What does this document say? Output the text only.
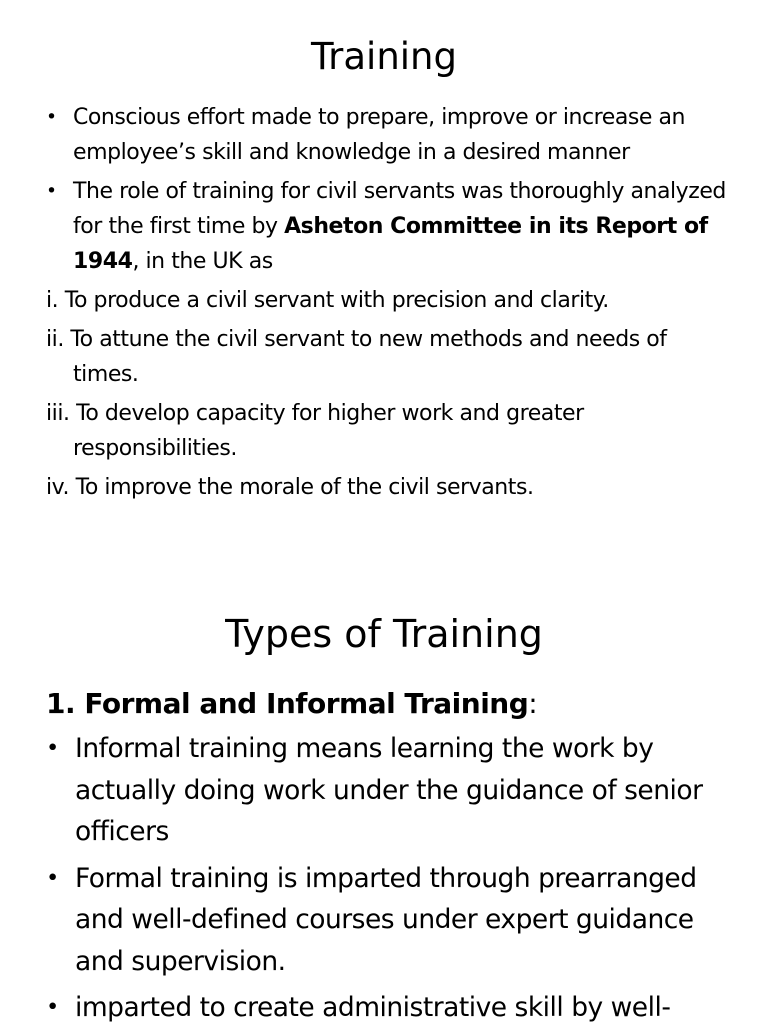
Training

• Conscious effort made to prepare, improve or increase an employee’s skill and knowledge in a desired manner

• The role of training for civil servants was thoroughly analyzed for the first time by Asheton Committee in its Report of 1944, in the UK as

i. To produce a civil servant with precision and clarity.

ii. To attune the civil servant to new methods and needs of times.

iii. To develop capacity for higher work and greater responsibilities.

iv. To improve the morale of the civil servants.

Types of Training

1. Formal and Informal Training:

• Informal training means learning the work by actually doing work under the guidance of senior officers

• Formal training is imparted through prearranged and well-defined courses under expert guidance and supervision.

• imparted to create administrative skill by well-
